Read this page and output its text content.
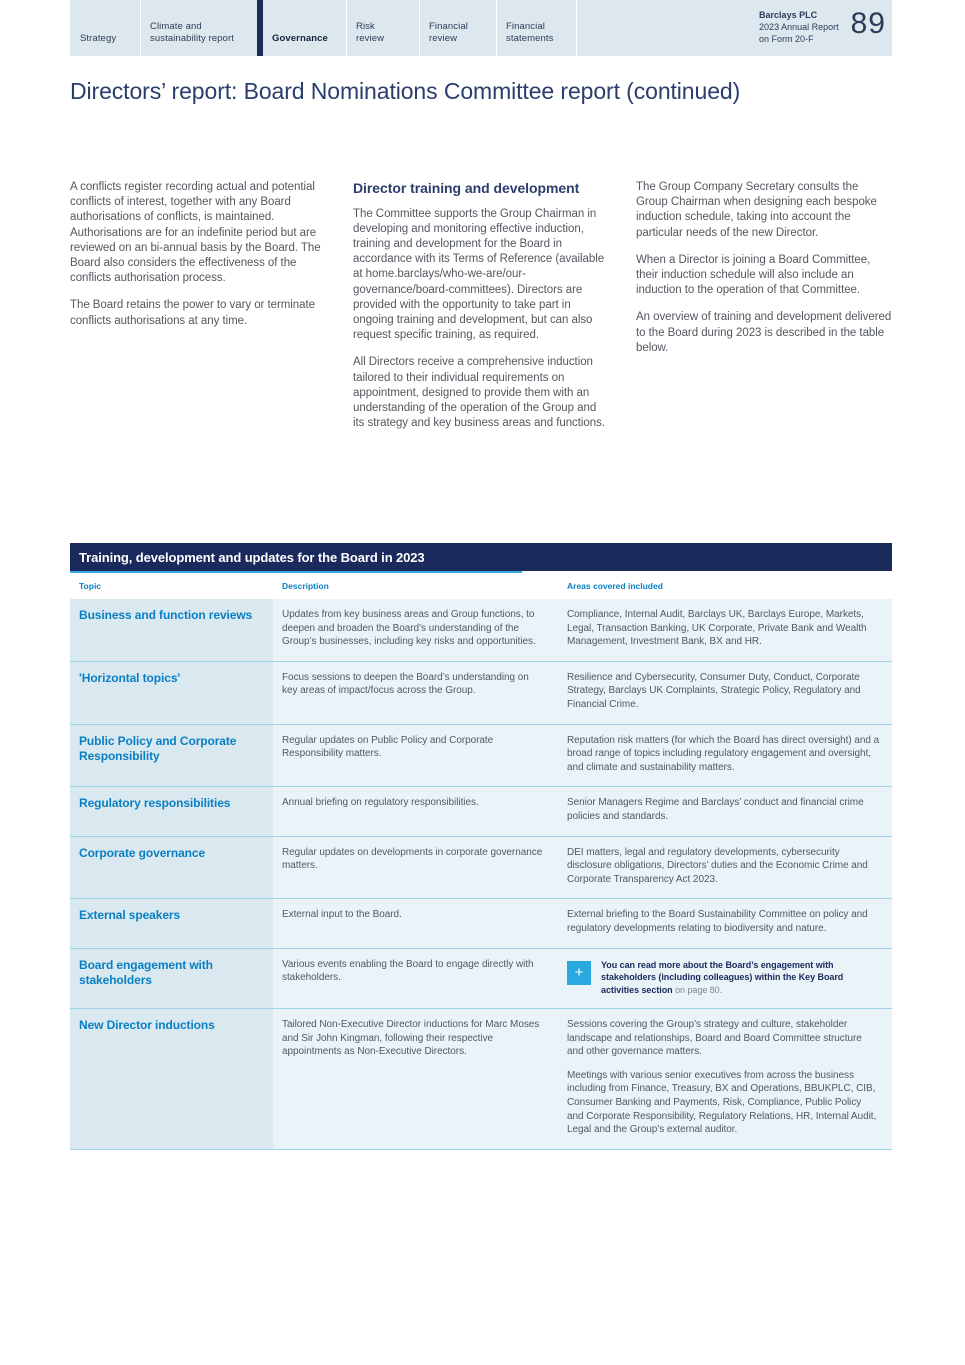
Strategy
Climate and
sustainability report	Governance
Risk
review
Financial
review
Financial
statements
Barclays PLC
2023 Annual Report
on Form 20-F	89
Directors’ report: Board Nominations Committee report (continued)

A conflicts register recording actual and potential conflicts of interest, together with any Board authorisations of conflicts, is maintained. Authorisations are for an indefinite period but are reviewed on an bi-annual basis by the Board. The Board also considers the effectiveness of the conflicts authorisation process.

The Board retains the power to vary or terminate conflicts authorisations at any time.

Director training and development

The Committee supports the Group Chairman in developing and monitoring effective induction, training and development for the Board in accordance with its Terms of Reference (available at home.barclays/who-we-are/our-governance/board-committees). Directors are provided with the opportunity to take part in ongoing training and development, but can also request specific training, as required.

All Directors receive a comprehensive induction tailored to their individual requirements on appointment, designed to provide them with an understanding of the operation of the Group and its strategy and key business areas and functions.

The Group Company Secretary consults the Group Chairman when designing each bespoke induction schedule, taking into account the particular needs of the new Director.

When a Director is joining a Board Committee, their induction schedule will also include an induction to the operation of that Committee.

An overview of training and development delivered to the Board during 2023 is described in the table below.

Training, development and updates for the Board in 2023
Topic	Description	Areas covered included
Business and function reviews	Updates from key business areas and Group functions, to deepen and broaden the Board’s understanding of the Group’s businesses, including key risks and opportunities.	Compliance, Internal Audit, Barclays UK, Barclays Europe, Markets, Legal, Transaction Banking, UK Corporate, Private Bank and Wealth Management, Investment Bank, BX and HR.

'Horizontal topics'	Focus sessions to deepen the Board’s understanding on key areas of impact/focus across the Group.	Resilience and Cybersecurity, Consumer Duty, Conduct, Corporate Strategy, Barclays UK Complaints, Strategic Policy, Regulatory and Financial Crime.

Public Policy and Corporate Responsibility	Regular updates on Public Policy and Corporate Responsibility matters.	Reputation risk matters (for which the Board has direct oversight) and a broad range of topics including regulatory engagement and oversight, and climate and sustainability matters.

Regulatory responsibilities	Annual briefing on regulatory responsibilities.	Senior Managers Regime and Barclays’ conduct and financial crime policies and standards.

Corporate governance	Regular updates on developments in corporate governance matters.	DEI matters, legal and regulatory developments, cybersecurity disclosure obligations, Directors’ duties and the Economic Crime and Corporate Transparency Act 2023.

External speakers	External input to the Board.	External briefing to the Board Sustainability Committee on policy and regulatory developments relating to biodiversity and nature.

Board engagement with stakeholders	Various events enabling the Board to engage directly with stakeholders.	+ You can read more about the Board’s engagement with stakeholders (including colleagues) within the Key Board activities section on page 80.

New Director inductions	Tailored Non-Executive Director inductions for Marc Moses and Sir John Kingman, following their respective appointments as Non-Executive Directors.	Sessions covering the Group’s strategy and culture, stakeholder landscape and relationships, Board and Board Committee structure and other governance matters.

Meetings with various senior executives from across the business including from Finance, Treasury, BX and Operations, BBUKPLC, CIB, Consumer Banking and Payments, Risk, Compliance, Public Policy and Corporate Responsibility, Regulatory Relations, HR, Internal Audit, Legal and the Group’s external auditor.
